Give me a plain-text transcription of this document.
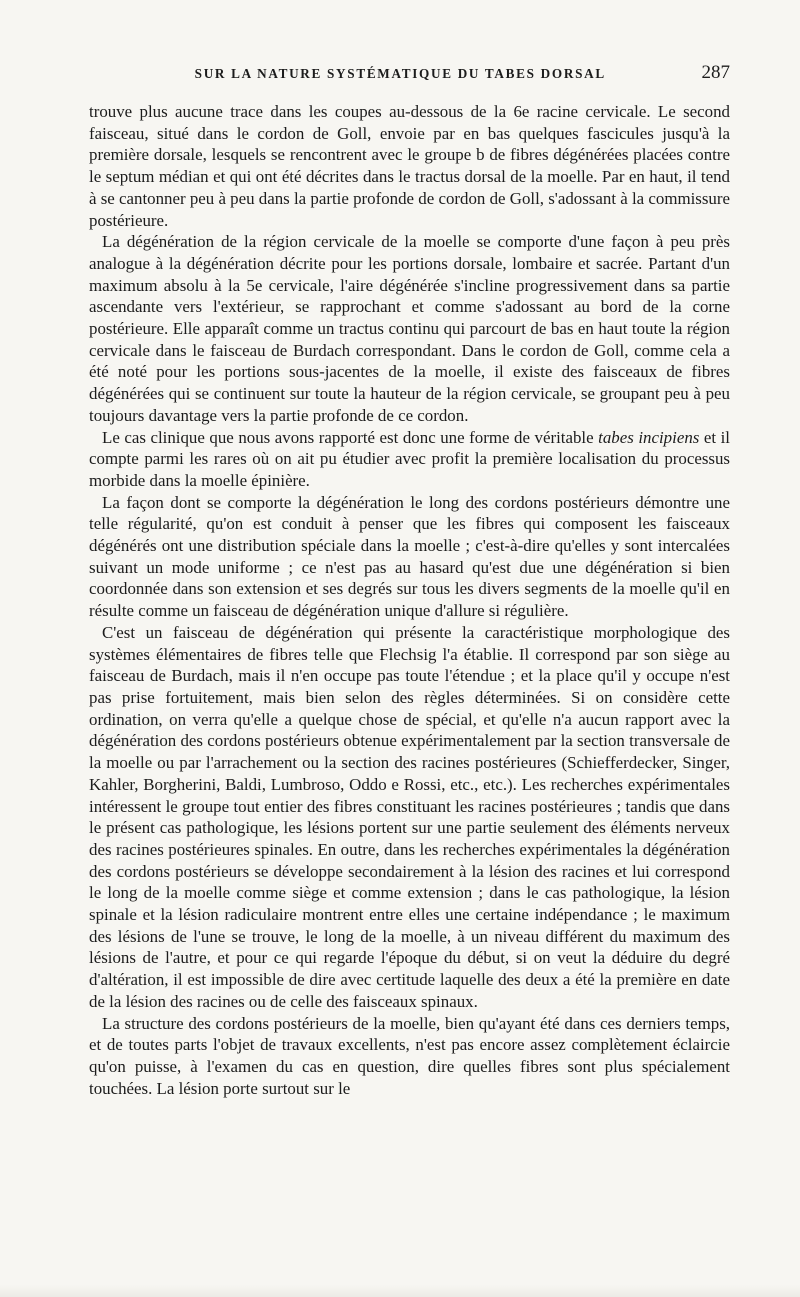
SUR LA NATURE SYSTÉMATIQUE DU TABES DORSAL	287

trouve plus aucune trace dans les coupes au-dessous de la 6e racine cervicale. Le second faisceau, situé dans le cordon de Goll, envoie par en bas quelques fascicules jusqu'à la première dorsale, lesquels se rencontrent avec le groupe b de fibres dégénérées placées contre le septum médian et qui ont été décrites dans le tractus dorsal de la moelle. Par en haut, il tend à se cantonner peu à peu dans la partie profonde de cordon de Goll, s'adossant à la commissure postérieure.

La dégénération de la région cervicale de la moelle se comporte d'une façon à peu près analogue à la dégénération décrite pour les portions dorsale, lombaire et sacrée. Partant d'un maximum absolu à la 5e cervicale, l'aire dégénérée s'incline progressivement dans sa partie ascendante vers l'extérieur, se rapprochant et comme s'adossant au bord de la corne postérieure. Elle apparaît comme un tractus continu qui parcourt de bas en haut toute la région cervicale dans le faisceau de Burdach correspondant. Dans le cordon de Goll, comme cela a été noté pour les portions sous-jacentes de la moelle, il existe des faisceaux de fibres dégénérées qui se continuent sur toute la hauteur de la région cervicale, se groupant peu à peu toujours davantage vers la partie profonde de ce cordon.

Le cas clinique que nous avons rapporté est donc une forme de véritable tabes incipiens et il compte parmi les rares où on ait pu étudier avec profit la première localisation du processus morbide dans la moelle épinière.

La façon dont se comporte la dégénération le long des cordons postérieurs démontre une telle régularité, qu'on est conduit à penser que les fibres qui composent les faisceaux dégénérés ont une distribution spéciale dans la moelle ; c'est-à-dire qu'elles y sont intercalées suivant un mode uniforme ; ce n'est pas au hasard qu'est due une dégénération si bien coordonnée dans son extension et ses degrés sur tous les divers segments de la moelle qu'il en résulte comme un faisceau de dégénération unique d'allure si régulière.

C'est un faisceau de dégénération qui présente la caractéristique morphologique des systèmes élémentaires de fibres telle que Flechsig l'a établie. Il correspond par son siège au faisceau de Burdach, mais il n'en occupe pas toute l'étendue ; et la place qu'il y occupe n'est pas prise fortuitement, mais bien selon des règles déterminées. Si on considère cette ordination, on verra qu'elle a quelque chose de spécial, et qu'elle n'a aucun rapport avec la dégénération des cordons postérieurs obtenue expérimentalement par la section transversale de la moelle ou par l'arrachement ou la section des racines postérieures (Schiefferdecker, Singer, Kahler, Borgherini, Baldi, Lumbroso, Oddo e Rossi, etc., etc.). Les recherches expérimentales intéressent le groupe tout entier des fibres constituant les racines postérieures ; tandis que dans le présent cas pathologique, les lésions portent sur une partie seulement des éléments nerveux des racines postérieures spinales. En outre, dans les recherches expérimentales la dégénération des cordons postérieurs se développe secondairement à la lésion des racines et lui correspond le long de la moelle comme siège et comme extension ; dans le cas pathologique, la lésion spinale et la lésion radiculaire montrent entre elles une certaine indépendance ; le maximum des lésions de l'une se trouve, le long de la moelle, à un niveau différent du maximum des lésions de l'autre, et pour ce qui regarde l'époque du début, si on veut la déduire du degré d'altération, il est impossible de dire avec certitude laquelle des deux a été la première en date de la lésion des racines ou de celle des faisceaux spinaux.

La structure des cordons postérieurs de la moelle, bien qu'ayant été dans ces derniers temps, et de toutes parts l'objet de travaux excellents, n'est pas encore assez complètement éclaircie qu'on puisse, à l'examen du cas en question, dire quelles fibres sont plus spécialement touchées. La lésion porte surtout sur le
